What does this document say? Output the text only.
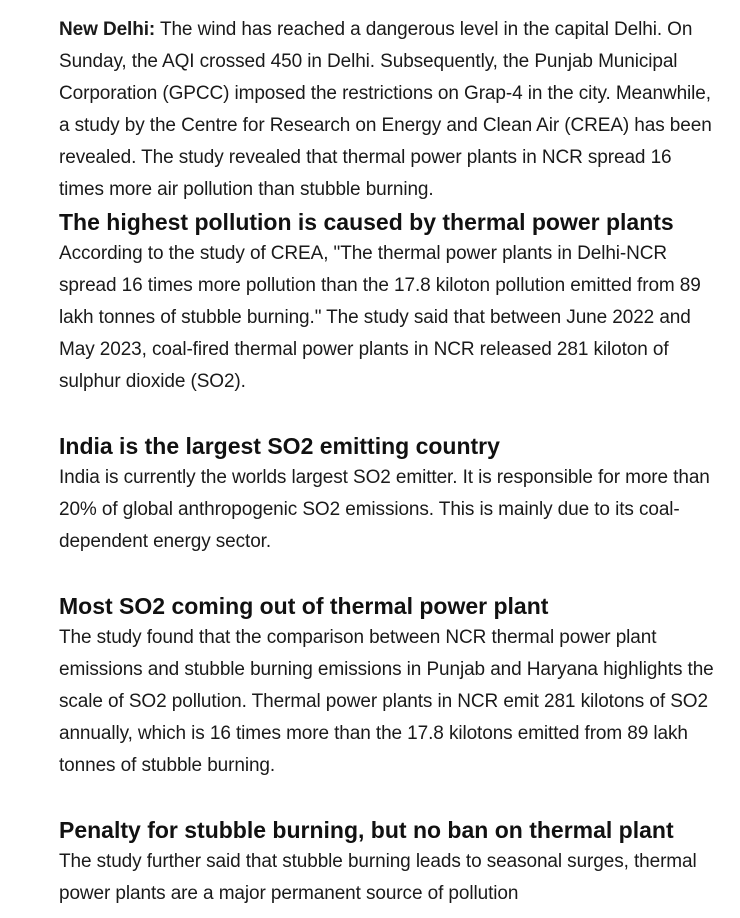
New Delhi: The wind has reached a dangerous level in the capital Delhi. On Sunday, the AQI crossed 450 in Delhi. Subsequently, the Punjab Municipal Corporation (GPCC) imposed the restrictions on Grap-4 in the city. Meanwhile, a study by the Centre for Research on Energy and Clean Air (CREA) has been revealed. The study revealed that thermal power plants in NCR spread 16 times more air pollution than stubble burning.

The highest pollution is caused by thermal power plants

According to the study of CREA, "The thermal power plants in Delhi-NCR spread 16 times more pollution than the 17.8 kiloton pollution emitted from 89 lakh tonnes of stubble burning." The study said that between June 2022 and May 2023, coal-fired thermal power plants in NCR released 281 kiloton of sulphur dioxide (SO2).

India is the largest SO2 emitting country

India is currently the worlds largest SO2 emitter. It is responsible for more than 20% of global anthropogenic SO2 emissions. This is mainly due to its coal-dependent energy sector.

Most SO2 coming out of thermal power plant

The study found that the comparison between NCR thermal power plant emissions and stubble burning emissions in Punjab and Haryana highlights the scale of SO2 pollution. Thermal power plants in NCR emit 281 kilotons of SO2 annually, which is 16 times more than the 17.8 kilotons emitted from 89 lakh tonnes of stubble burning.

Penalty for stubble burning, but no ban on thermal plant

The study further said that stubble burning leads to seasonal surges, thermal power plants are a major permanent source of pollution
